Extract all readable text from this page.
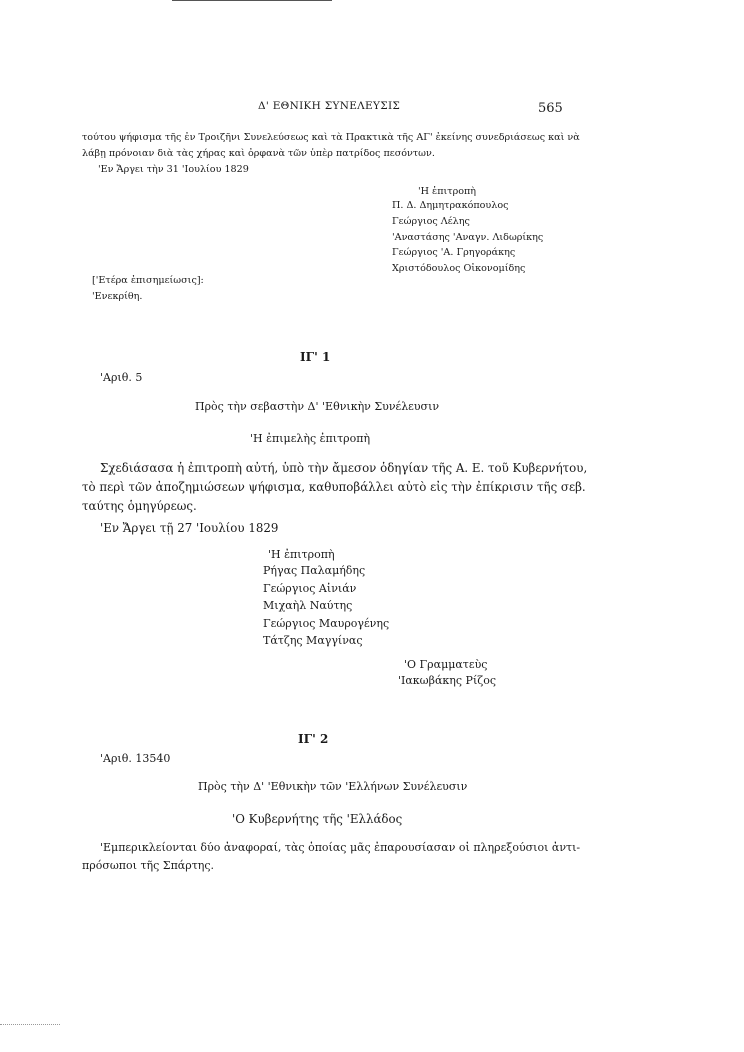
Δ' ΕΘΝΙΚΗ ΣΥΝΕΛΕΥΣΙΣ	565
τούτου ψήφισμα τῆς ἐν Τροιζῆνι Συνελεύσεως καὶ τὰ Πρακτικὰ τῆς ΑΓ' ἐκείνης συνεδριάσεως καὶ νὰ
λάβῃ πρόνοιαν διὰ τὰς χήρας καὶ ὀρφανὰ τῶν ὑπὲρ πατρίδος πεσόντων.
'Εν Ἄργει τὴν 31 'Ιουλίου 1829
'Η ἐπιτροπὴ
Π. Δ. Δημητρακόπουλος
Γεώργιος Λέλης
'Αναστάσης 'Αναγν. Λιδωρίκης
Γεώργιος 'Α. Γρηγοράκης
Χριστόδουλος Οἰκονομίδης
['Ετέρα ἐπισημείωσις]:
'Ενεκρίθη.
ΙΓ' 1
'Αριθ. 5
Πρὸς τὴν σεβαστὴν Δ' 'Εθνικὴν Συνέλευσιν
'Η ἐπιμελὴς ἐπιτροπὴ
Σχεδιάσασα ἡ ἐπιτροπὴ αὐτή, ὑπὸ τὴν ἄμεσον ὁδηγίαν τῆς Α. Ε. τοῦ Κυβερνήτου,
τὸ περὶ τῶν ἀποζημιώσεων ψήφισμα, καθυποβάλλει αὐτὸ εἰς τὴν ἐπίκρισιν τῆς σεβ.
ταύτης ὁμηγύρεως.
'Εν Ἄργει τῇ 27 'Ιουλίου 1829
'Η ἐπιτροπὴ
Ρήγας Παλαμήδης
Γεώργιος Αἰνιάν
Μιχαὴλ Ναύτης
Γεώργιος Μαυρογένης
Τάτζης Μαγγίνας
'Ο Γραμματεὺς
'Ιακωβάκης Ρίζος
ΙΓ' 2
'Αριθ. 13540
Πρὸς τὴν Δ' 'Εθνικὴν τῶν 'Ελλήνων Συνέλευσιν
'Ο Κυβερνήτης τῆς 'Ελλάδος
'Εμπερικλείονται δύο ἀναφοραί, τὰς ὁποίας μᾶς ἐπαρουσίασαν οἱ πληρεξούσιοι ἀντι-
πρόσωποι τῆς Σπάρτης.
